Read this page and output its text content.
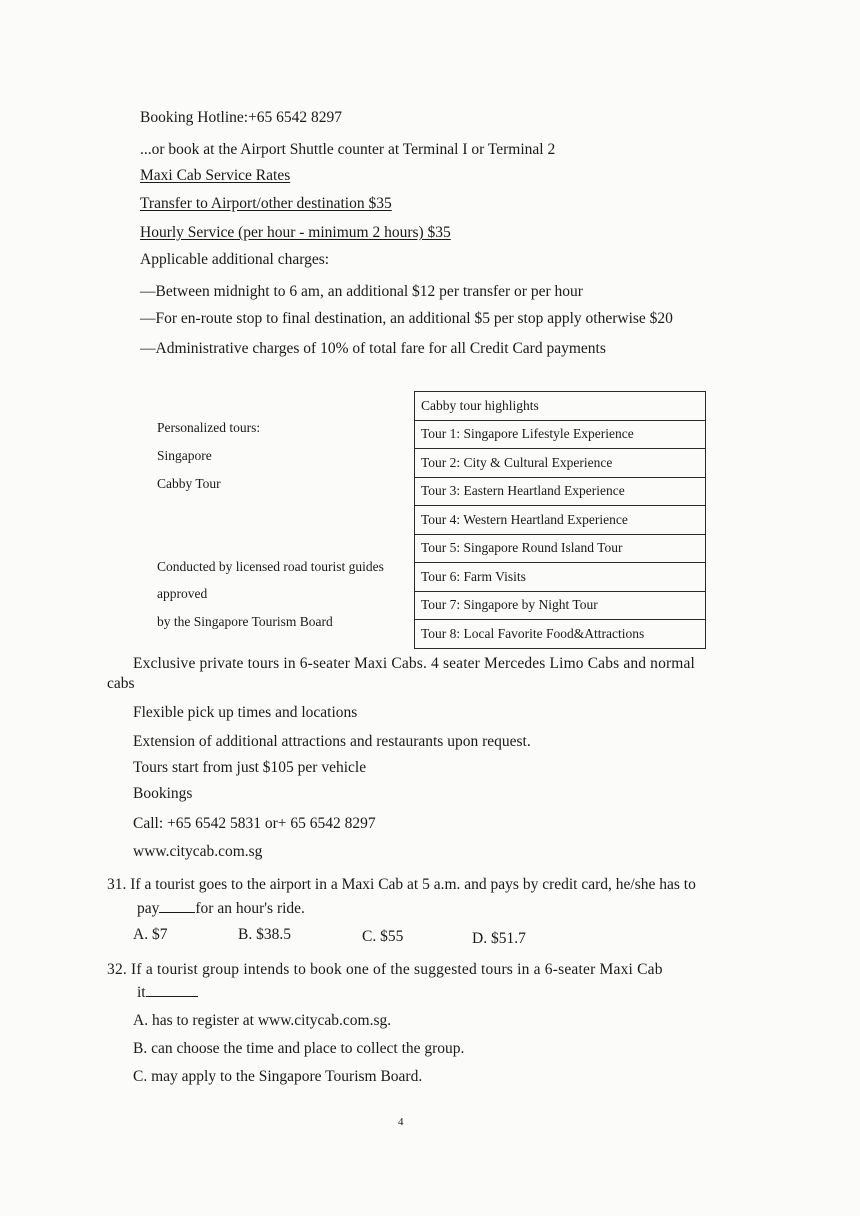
Booking Hotline:+65 6542 8297
...or book at the Airport Shuttle counter at Terminal I or Terminal 2
Maxi Cab Service Rates
Transfer to Airport/other destination $35
Hourly Service (per hour - minimum 2 hours) $35
Applicable additional charges:
—Between midnight to 6 am, an additional $12 per transfer or per hour
—For en-route stop to final destination, an additional $5 per stop apply otherwise $20
—Administrative charges of 10% of total fare for all Credit Card payments
Personalized tours:
Singapore
Cabby Tour
Conducted by licensed road tourist guides
approved
by the Singapore Tourism Board
Cabby tour highlights
Tour 1: Singapore Lifestyle Experience
Tour 2: City & Cultural Experience
Tour 3: Eastern Heartland Experience
Tour 4: Western Heartland Experience
Tour 5: Singapore Round Island Tour
Tour 6: Farm Visits
Tour 7: Singapore by Night Tour
Tour 8: Local Favorite Food&Attractions
Exclusive private tours in 6-seater Maxi Cabs. 4 seater Mercedes Limo Cabs and normal
cabs
Flexible pick up times and locations
Extension of additional attractions and restaurants upon request.
Tours start from just $105 per vehicle
Bookings
Call: +65 6542 5831 or+ 65 6542 8297
www.citycab.com.sg
31. If a tourist goes to the airport in a Maxi Cab at 5 a.m. and pays by credit card, he/she has to
pay for an hour's ride.
A. $7	B. $38.5	C. $55	D. $51.7
32. If a tourist group intends to book one of the suggested tours in a 6-seater Maxi Cab
it
A. has to register at www.citycab.com.sg.
B. can choose the time and place to collect the group.
C. may apply to the Singapore Tourism Board.
4
